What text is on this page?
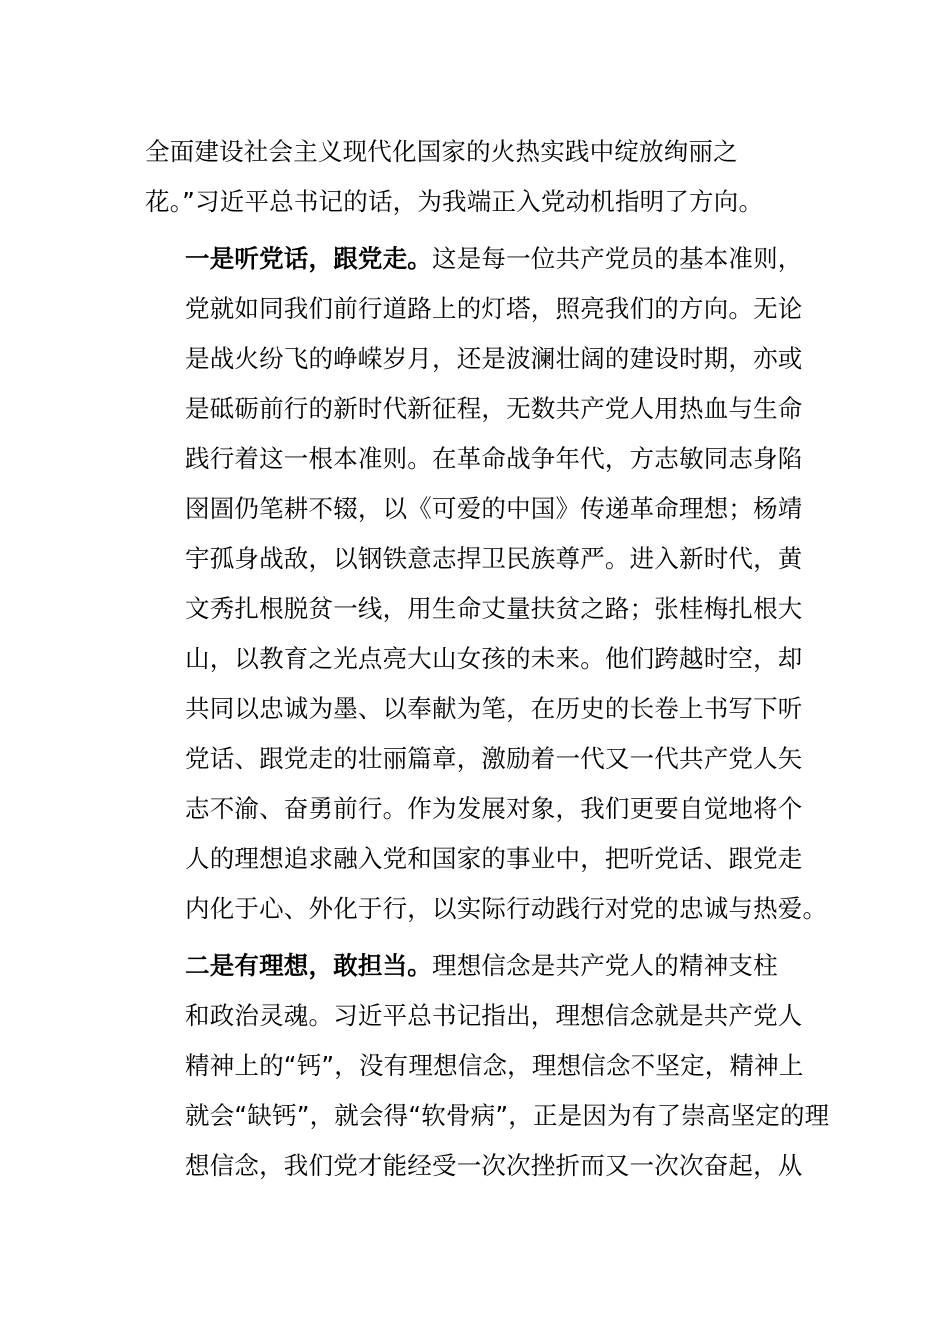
全面建设社会主义现代化国家的火热实践中绽放绚丽之
花。”习近平总书记的话，为我端正入党动机指明了方向。

一是听党话，跟党走。这是每一位共产党员的基本准则，
党就如同我们前行道路上的灯塔，照亮我们的方向。无论
是战火纷飞的峥嵘岁月，还是波澜壮阔的建设时期，亦或
是砥砺前行的新时代新征程，无数共产党人用热血与生命
践行着这一根本准则。在革命战争年代，方志敏同志身陷
囹圄仍笔耕不辍，以《可爱的中国》传递革命理想；杨靖
宇孤身战敌，以钢铁意志捍卫民族尊严。进入新时代，黄
文秀扎根脱贫一线，用生命丈量扶贫之路；张桂梅扎根大
山，以教育之光点亮大山女孩的未来。他们跨越时空，却
共同以忠诚为墨、以奉献为笔，在历史的长卷上书写下听
党话、跟党走的壮丽篇章，激励着一代又一代共产党人矢
志不渝、奋勇前行。作为发展对象，我们更要自觉地将个
人的理想追求融入党和国家的事业中，把听党话、跟党走
内化于心、外化于行，以实际行动践行对党的忠诚与热爱。

二是有理想，敢担当。理想信念是共产党人的精神支柱
和政治灵魂。习近平总书记指出，理想信念就是共产党人
精神上的“钙”，没有理想信念，理想信念不坚定，精神上
就会“缺钙”，就会得“软骨病”，正是因为有了崇高坚定的理
想信念，我们党才能经受一次次挫折而又一次次奋起，从
